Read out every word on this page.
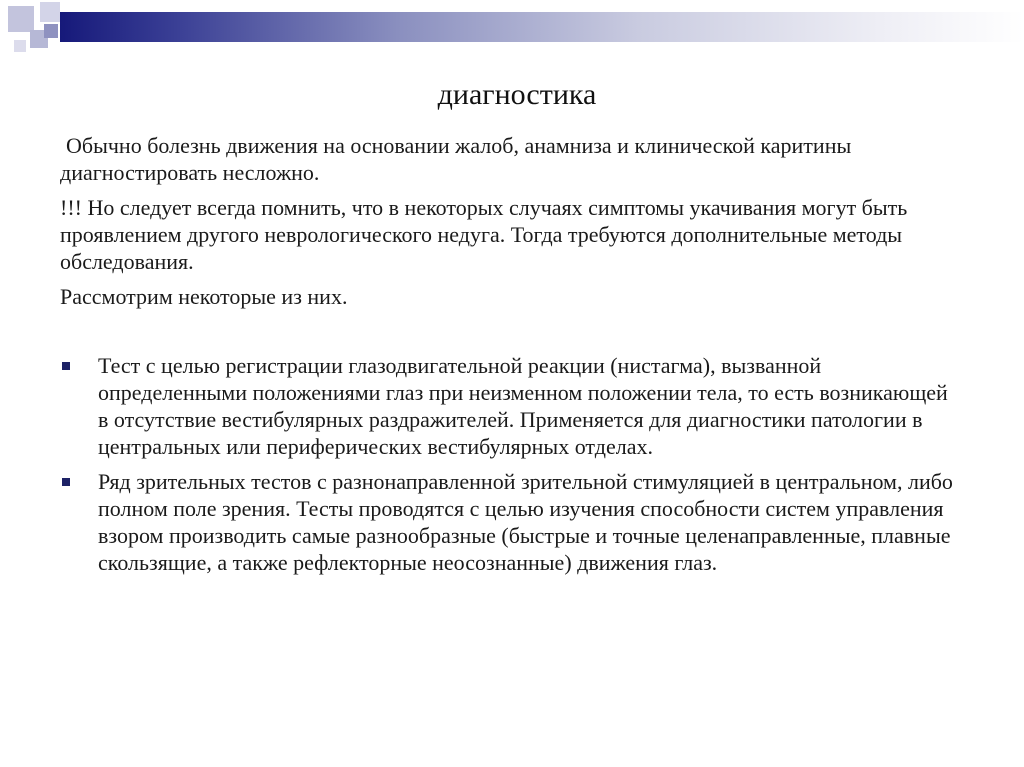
диагностика

Обычно болезнь движения на основании жалоб, анамниза и клинической каритины диагностировать несложно.

!!! Но следует всегда помнить, что в некоторых случаях симптомы укачивания могут быть проявлением другого неврологического недуга. Тогда требуются дополнительные методы обследования.

Рассмотрим некоторые из них.

Тест с целью регистрации глазодвигательной реакции (нистагма), вызванной определенными положениями глаз при неизменном положении тела, то есть возникающей в отсутствие вестибулярных раздражителей. Применяется для диагностики патологии в центральных или периферических вестибулярных отделах.
Ряд зрительных тестов с разнонаправленной зрительной стимуляцией в центральном, либо полном поле зрения. Тесты проводятся с целью изучения способности систем управления взором производить самые разнообразные (быстрые и точные целенаправленные, плавные скользящие, а также рефлекторные неосознанные) движения глаз.
